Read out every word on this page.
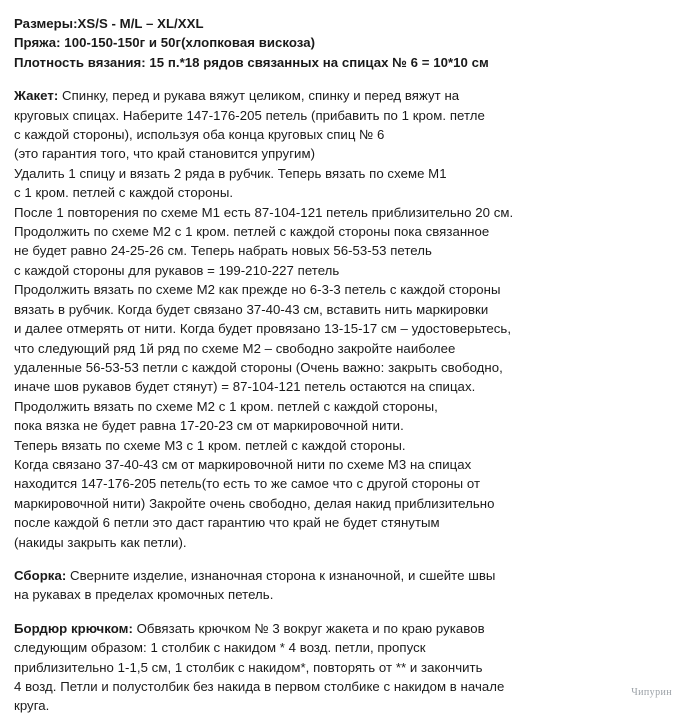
Размеры:XS/S - M/L – XL/XXL
Пряжа: 100-150-150г и 50г(хлопковая вискоза)
Плотность вязания: 15 п.*18 рядов связанных на спицах № 6 = 10*10 см
Жакет: Спинку, перед и рукава вяжут целиком, спинку и перед вяжут на
круговых спицах. Наберите 147-176-205 петель (прибавить по 1 кром. петле
с каждой стороны), используя оба конца круговых спиц № 6
(это гарантия того, что край становится упругим)
Удалить 1 спицу и вязать 2 ряда в рубчик. Теперь вязать по схеме М1
с 1 кром. петлей с каждой стороны.
После 1 повторения по схеме М1 есть 87-104-121 петель приблизительно 20 см.
Продолжить по схеме М2 с 1 кром. петлей с каждой стороны пока связанное
не будет равно 24-25-26 см. Теперь набрать новых 56-53-53 петель
с каждой стороны для рукавов = 199-210-227 петель
Продолжить вязать по схеме М2 как прежде но 6-3-3 петель с каждой стороны
вязать в рубчик. Когда будет связано 37-40-43 см, вставить нить маркировки
и далее отмерять от нити. Когда будет провязано 13-15-17 см – удостоверьтесь,
что следующий ряд 1й ряд по схеме М2 – свободно закройте наиболее
удаленные 56-53-53 петли с каждой стороны (Очень важно: закрыть свободно,
иначе шов рукавов будет стянут) = 87-104-121 петель остаются на спицах.
Продолжить вязать по схеме М2 с 1 кром. петлей с каждой стороны,
пока вязка не будет равна 17-20-23 см от маркировочной нити.
Теперь вязать по схеме М3 с 1 кром. петлей с каждой стороны.
Когда связано 37-40-43 см от маркировочной нити по схеме М3 на спицах
находится 147-176-205 петель(то есть то же самое что с другой стороны от
маркировочной нити) Закройте очень свободно, делая накид приблизительно
после каждой 6 петли это даст гарантию что край не будет стянутым
(накиды закрыть как петли).
Сборка: Сверните изделие, изнаночная сторона к изнаночной, и сшейте швы
на рукавах в пределах кромочных петель.
Бордюр крючком: Обвязать крючком № 3 вокруг жакета и по краю рукавов
следующим образом: 1 столбик с накидом * 4 возд. петли, пропуск
приблизительно 1-1,5 см, 1 столбик с накидом*, повторять от ** и закончить
4 возд. Петли и полустолбик без накида в первом столбике с накидом в начале
круга.
Чипурин
